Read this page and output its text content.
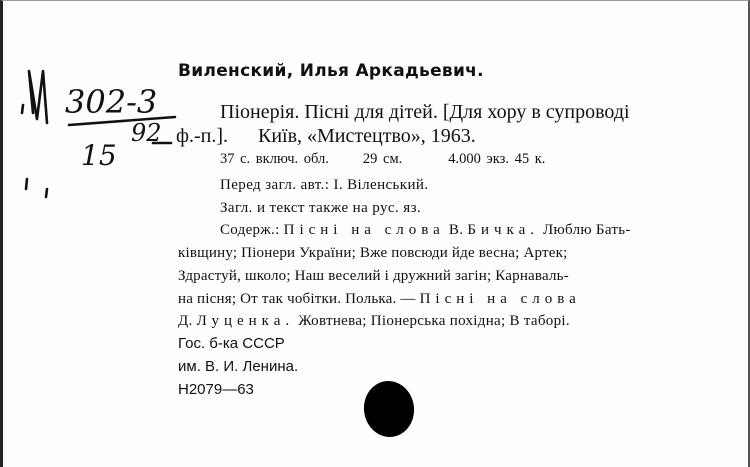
302-3
15
92
Виленский, Илья Аркадьевич.
Піонерія. Пісні для дітей. [Для хору в супроводі
ф.-п.]. Київ, «Мистецтво», 1963.
37 с. включ. обл. 29 см.	4.000 экз. 45 к.
Перед загл. авт.: І. Віленський.
Загл. и текст также на рус. яз.
Содерж.: Пісні на слова В. Бичка. Люблю Бать-
ківщину; Піонери України; Вже повсюди йде весна; Артек;
Здрастуй, школо; Наш веселий і дружний загін; Карнаваль-
на пісня; От так чобітки. Полька. — Пісні на слова
Д. Луценка. Жовтнева; Піонерська похідна; В таборі.
Гос. б-ка СССР
им. В. И. Ленина.
Н2079—63
